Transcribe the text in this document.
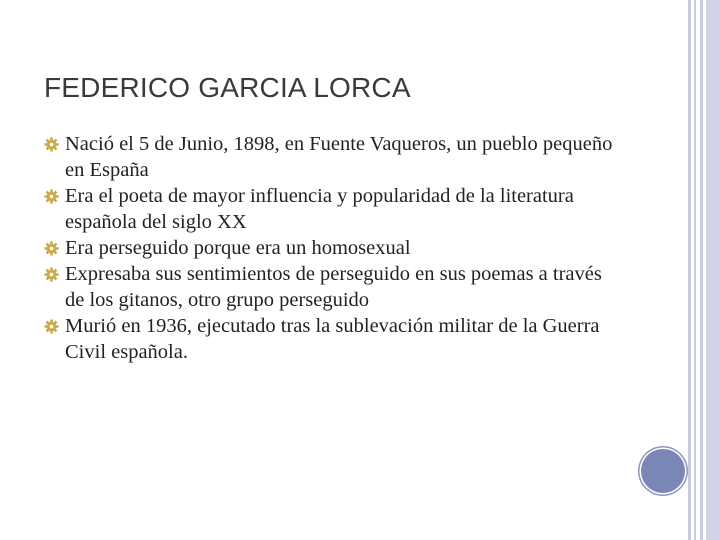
FEDERICO GARCIA LORCA
Nació el 5 de Junio, 1898, en Fuente Vaqueros, un pueblo pequeño en España
Era el poeta de mayor influencia y popularidad de la literatura española del siglo XX
Era perseguido porque era un homosexual
Expresaba sus sentimientos de perseguido en sus poemas a través de los gitanos, otro grupo perseguido
Murió en 1936, ejecutado tras la sublevación militar de la Guerra Civil española.
